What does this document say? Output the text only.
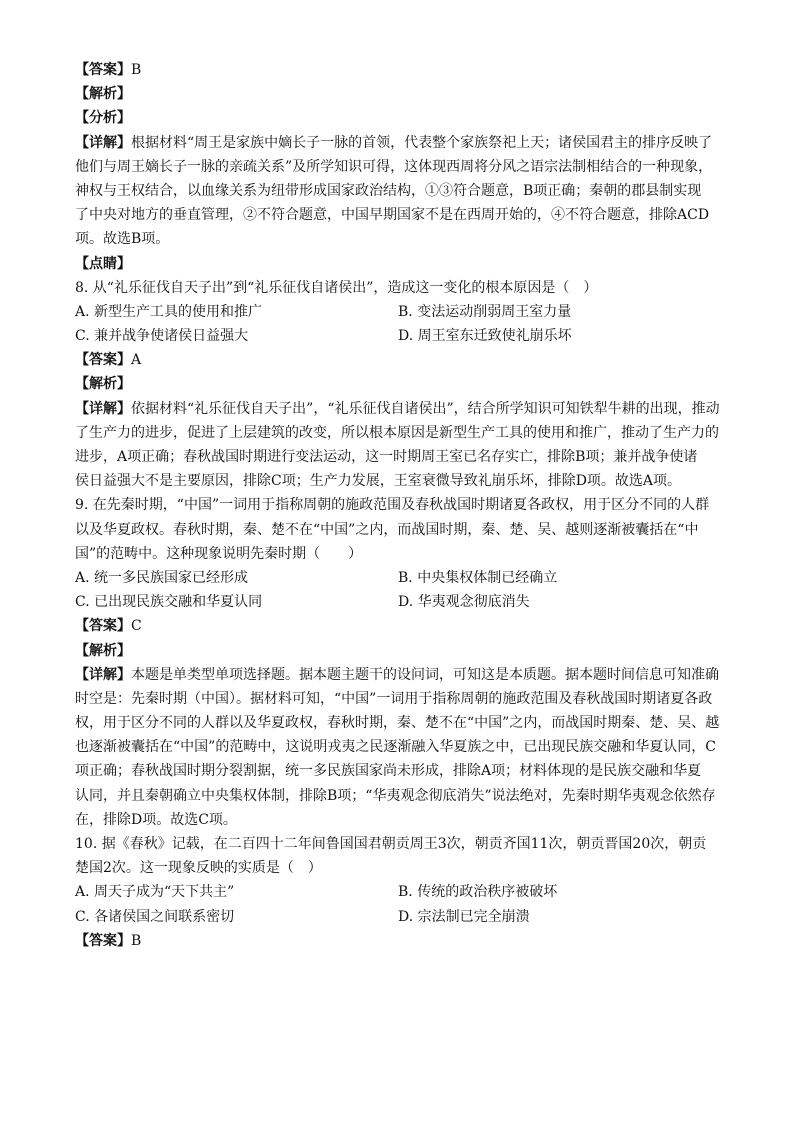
【答案】B
【解析】
【分析】
【详解】根据材料“周王是家族中嫡长子一脉的首领，代表整个家族祭祀上天；诸侯国君主的排序反映了
他们与周王嫡长子一脉的亲疏关系”及所学知识可得，这体现西周将分风之语宗法制相结合的一种现象，
神权与王权结合，以血缘关系为纽带形成国家政治结构，①③符合题意，B项正确；秦朝的郡县制实现
了中央对地方的垂直管理，②不符合题意，中国早期国家不是在西周开始的，④不符合题意，排除ACD
项。故选B项。
【点睛】
8. 从“礼乐征伐自天子出”到“礼乐征伐自诸侯出”，造成这一变化的根本原因是（　）
A. 新型生产工具的使用和推广	B. 变法运动削弱周王室力量
C. 兼并战争使诸侯日益强大	D. 周王室东迁致使礼崩乐坏
【答案】A
【解析】
【详解】依据材料“礼乐征伐自天子出”，“礼乐征伐自诸侯出”，结合所学知识可知铁犁牛耕的出现，推动
了生产力的进步，促进了上层建筑的改变，所以根本原因是新型生产工具的使用和推广，推动了生产力的
进步，A项正确；春秋战国时期进行变法运动，这一时期周王室已名存实亡，排除B项；兼并战争使诸
侯日益强大不是主要原因，排除C项；生产力发展，王室衰微导致礼崩乐坏，排除D项。故选A项。
9. 在先秦时期，“中国”一词用于指称周朝的施政范围及春秋战国时期诸夏各政权，用于区分不同的人群
以及华夏政权。春秋时期，秦、楚不在“中国”之内，而战国时期，秦、楚、吴、越则逐渐被囊括在“中
国”的范畴中。这种现象说明先秦时期（　　）
A. 统一多民族国家已经形成	B. 中央集权体制已经确立
C. 已出现民族交融和华夏认同	D. 华夷观念彻底消失
【答案】C
【解析】
【详解】本题是单类型单项选择题。据本题主题干的设问词，可知这是本质题。据本题时间信息可知准确
时空是：先秦时期（中国）。据材料可知，“中国”一词用于指称周朝的施政范围及春秋战国时期诸夏各政
权，用于区分不同的人群以及华夏政权，春秋时期，秦、楚不在“中国”之内，而战国时期秦、楚、吴、越
也逐渐被囊括在“中国”的范畴中，这说明戎夷之民逐渐融入华夏族之中，已出现民族交融和华夏认同，C
项正确；春秋战国时期分裂割据，统一多民族国家尚未形成，排除A项；材料体现的是民族交融和华夏
认同，并且秦朝确立中央集权体制，排除B项；“华夷观念彻底消失”说法绝对，先秦时期华夷观念依然存
在，排除D项。故选C项。
10. 据《春秋》记载，在二百四十二年间鲁国国君朝贡周王3次，朝贡齐国11次，朝贡晋国20次，朝贡
楚国2次。这一现象反映的实质是（　）
A. 周天子成为“天下共主”	B. 传统的政治秩序被破坏
C. 各诸侯国之间联系密切	D. 宗法制已完全崩溃
【答案】B
